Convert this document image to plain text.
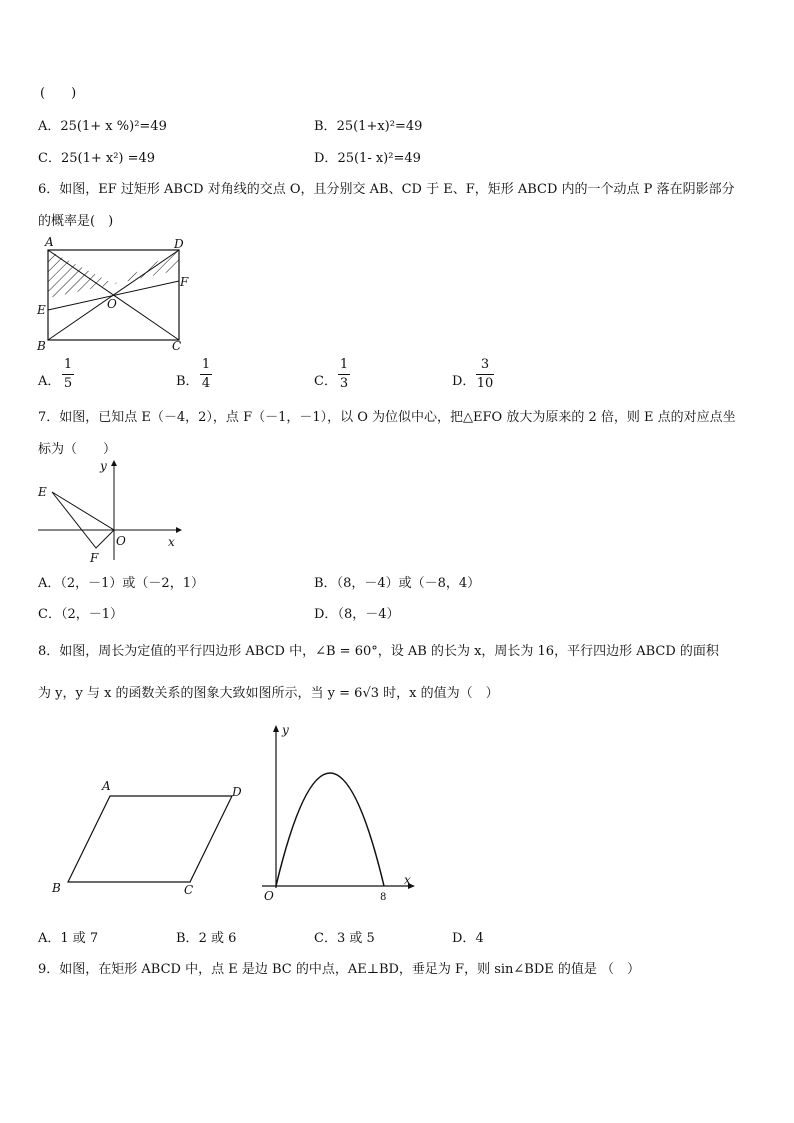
(　　)
A．25(1+ x %)²=49	B．25(1+x)²=49
C．25(1+ x²) =49	D．25(1- x)²=49
6．如图，EF 过矩形 ABCD 对角线的交点 O，且分别交 AB、CD 于 E、F，矩形 ABCD 内的一个动点 P 落在阴影部分
的概率是(　)
A	D
F
O
E
B	C
A．
1
5	B．
1
4	C．
1
3	D．
3
10
7．如图，已知点 E（－4，2），点 F（－1，－1），以 O 为位似中心，把△EFO 放大为原来的 2 倍，则 E 点的对应点坐
标为（　　）
y
E
O	x
F
A．（2，－1）或（－2，1）	B．（8，－4）或（－8，4）
C．（2，－1）	D．（8，－4）
8．如图，周长为定值的平行四边形 ABCD 中，∠B = 60°，设 AB 的长为 x，周长为 16，平行四边形 ABCD 的面积
为 y，y 与 x 的函数关系的图象大致如图所示，当 y = 6√3 时，x 的值为（　）
A	D
B	C
y
O	8
x
A．1 或 7	B．2 或 6	C．3 或 5	D．4
9．如图，在矩形 ABCD 中，点 E 是边 BC 的中点，AE⊥BD，垂足为 F，则 sin∠BDE 的值是 （　）
